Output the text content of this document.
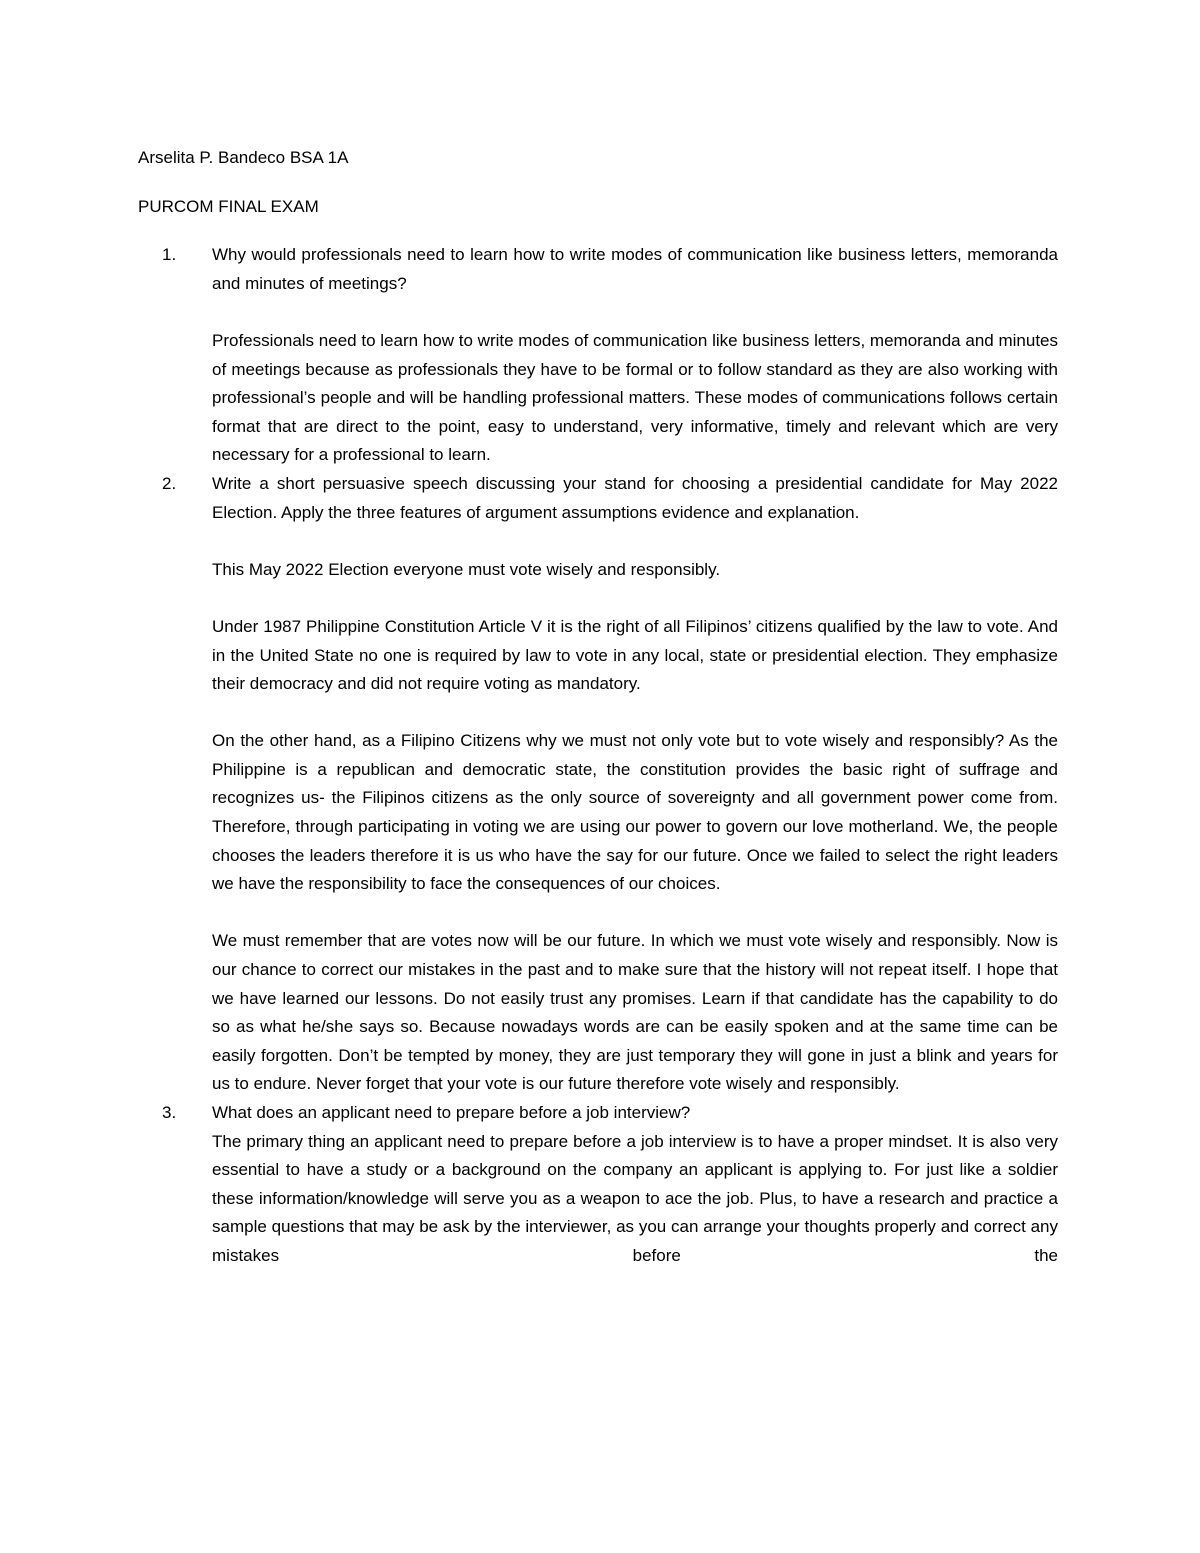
Arselita P. Bandeco BSA 1A

PURCOM FINAL EXAM

1. Why would professionals need to learn how to write modes of communication like business letters, memoranda and minutes of meetings?

Professionals need to learn how to write modes of communication like business letters, memoranda and minutes of meetings because as professionals they have to be formal or to follow standard as they are also working with professional’s people and will be handling professional matters. These modes of communications follows certain format that are direct to the point, easy to understand, very informative, timely and relevant which are very necessary for a professional to learn.

2. Write a short persuasive speech discussing your stand for choosing a presidential candidate for May 2022 Election. Apply the three features of argument assumptions evidence and explanation.

This May 2022 Election everyone must vote wisely and responsibly.

Under 1987 Philippine Constitution Article V it is the right of all Filipinos’ citizens qualified by the law to vote. And in the United State no one is required by law to vote in any local, state or presidential election. They emphasize their democracy and did not require voting as mandatory.

On the other hand, as a Filipino Citizens why we must not only vote but to vote wisely and responsibly? As the Philippine is a republican and democratic state, the constitution provides the basic right of suffrage and recognizes us- the Filipinos citizens as the only source of sovereignty and all government power come from. Therefore, through participating in voting we are using our power to govern our love motherland. We, the people chooses the leaders therefore it is us who have the say for our future. Once we failed to select the right leaders we have the responsibility to face the consequences of our choices.

We must remember that are votes now will be our future. In which we must vote wisely and responsibly. Now is our chance to correct our mistakes in the past and to make sure that the history will not repeat itself. I hope that we have learned our lessons. Do not easily trust any promises. Learn if that candidate has the capability to do so as what he/she says so. Because nowadays words are can be easily spoken and at the same time can be easily forgotten. Don’t be tempted by money, they are just temporary they will gone in just a blink and years for us to endure. Never forget that your vote is our future therefore vote wisely and responsibly.

3. What does an applicant need to prepare before a job interview?

The primary thing an applicant need to prepare before a job interview is to have a proper mindset. It is also very essential to have a study or a background on the company an applicant is applying to. For just like a soldier these information/knowledge will serve you as a weapon to ace the job. Plus, to have a research and practice a sample questions that may be ask by the interviewer, as you can arrange your thoughts properly and correct any mistakes before the
